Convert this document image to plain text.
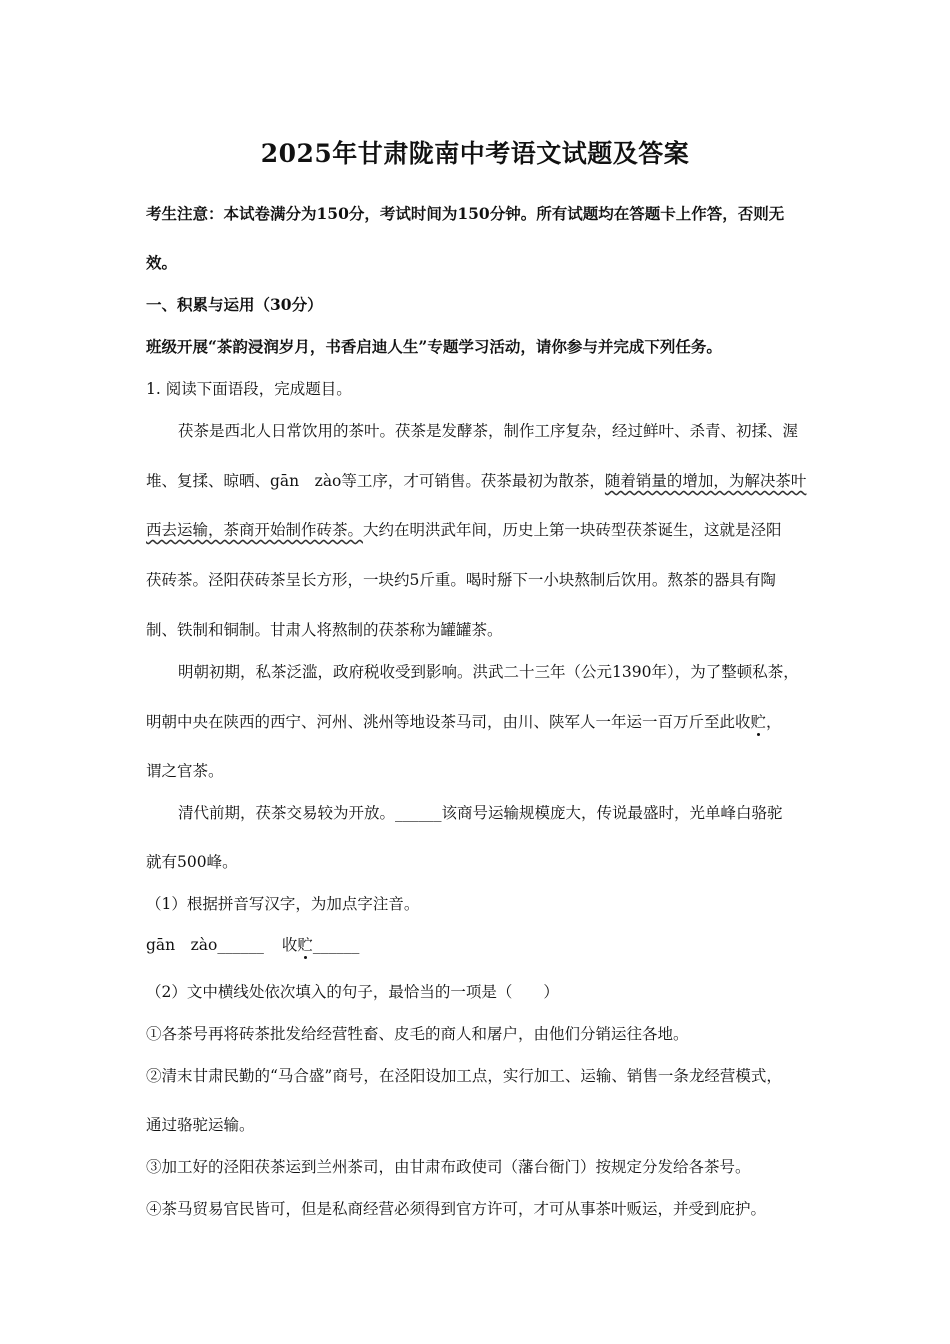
2025年甘肃陇南中考语文试题及答案
考生注意：本试卷满分为150分，考试时间为150分钟。所有试题均在答题卡上作答，否则无
效。
一、积累与运用（30分）
班级开展“茶韵浸润岁月，书香启迪人生”专题学习活动，请你参与并完成下列任务。
1. 阅读下面语段，完成题目。
茯茶是西北人日常饮用的茶叶。茯茶是发酵茶，制作工序复杂，经过鲜叶、杀青、初揉、渥
堆、复揉、晾晒、gān　zào等工序，才可销售。茯茶最初为散茶，随着销量的增加，为解决茶叶
西去运输，茶商开始制作砖茶。大约在明洪武年间，历史上第一块砖型茯茶诞生，这就是泾阳
茯砖茶。泾阳茯砖茶呈长方形，一块约5斤重。喝时掰下一小块熬制后饮用。熬茶的器具有陶
制、铁制和铜制。甘肃人将熬制的茯茶称为罐罐茶。
明朝初期，私茶泛滥，政府税收受到影响。洪武二十三年（公元1390年），为了整顿私茶，
明朝中央在陕西的西宁、河州、洮州等地设茶马司，由川、陕军人一年运一百万斤至此收贮，
谓之官茶。
清代前期，茯茶交易较为开放。______该商号运输规模庞大，传说最盛时，光单峰白骆驼
就有500峰。
（1）根据拼音写汉字，为加点字注音。
gān　zào______ 收贮______
（2）文中横线处依次填入的句子，最恰当的一项是（　　）
①各茶号再将砖茶批发给经营牲畜、皮毛的商人和屠户，由他们分销运往各地。
②清末甘肃民勤的“马合盛”商号，在泾阳设加工点，实行加工、运输、销售一条龙经营模式，
通过骆驼运输。
③加工好的泾阳茯茶运到兰州茶司，由甘肃布政使司（藩台衙门）按规定分发给各茶号。
④茶马贸易官民皆可，但是私商经营必须得到官方许可，才可从事茶叶贩运，并受到庇护。
